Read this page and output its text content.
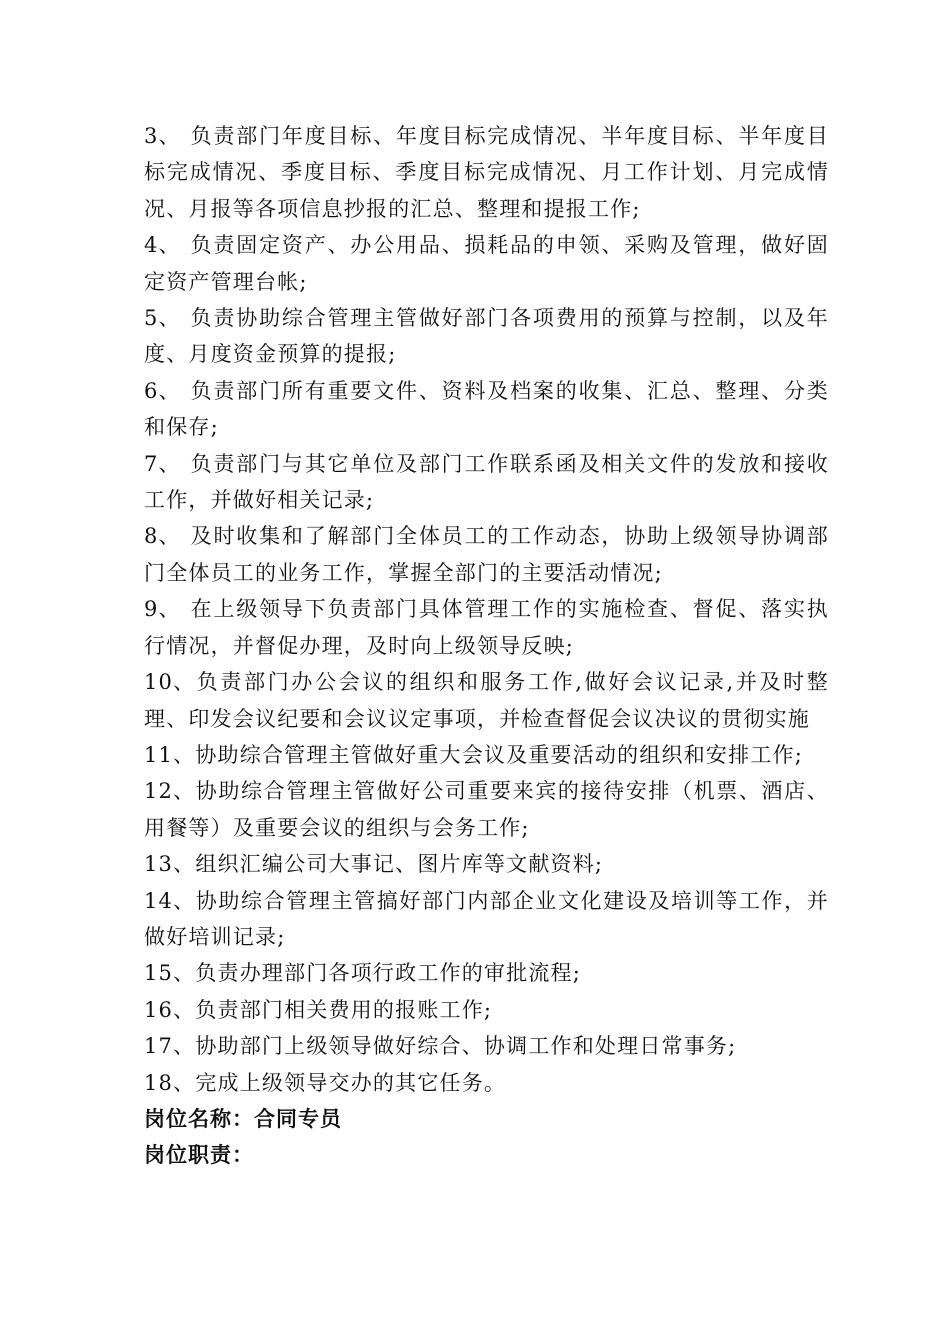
3、 负责部门年度目标、年度目标完成情况、半年度目标、半年度目标完成情况、季度目标、季度目标完成情况、月工作计划、月完成情况、月报等各项信息抄报的汇总、整理和提报工作;

4、 负责固定资产、办公用品、损耗品的申领、采购及管理，做好固定资产管理台帐;

5、 负责协助综合管理主管做好部门各项费用的预算与控制，以及年度、月度资金预算的提报;

6、 负责部门所有重要文件、资料及档案的收集、汇总、整理、分类和保存;

7、 负责部门与其它单位及部门工作联系函及相关文件的发放和接收工作，并做好相关记录;

8、 及时收集和了解部门全体员工的工作动态，协助上级领导协调部门全体员工的业务工作，掌握全部门的主要活动情况;

9、 在上级领导下负责部门具体管理工作的实施检查、督促、落实执行情况，并督促办理，及时向上级领导反映;

10、负责部门办公会议的组织和服务工作,做好会议记录,并及时整理、印发会议纪要和会议议定事项，并检查督促会议决议的贯彻实施

11、协助综合管理主管做好重大会议及重要活动的组织和安排工作;

12、协助综合管理主管做好公司重要来宾的接待安排（机票、酒店、用餐等）及重要会议的组织与会务工作;

13、组织汇编公司大事记、图片库等文献资料;

14、协助综合管理主管搞好部门内部企业文化建设及培训等工作，并做好培训记录;

15、负责办理部门各项行政工作的审批流程;

16、负责部门相关费用的报账工作;

17、协助部门上级领导做好综合、协调工作和处理日常事务;

18、完成上级领导交办的其它任务。

岗位名称：合同专员

岗位职责：
